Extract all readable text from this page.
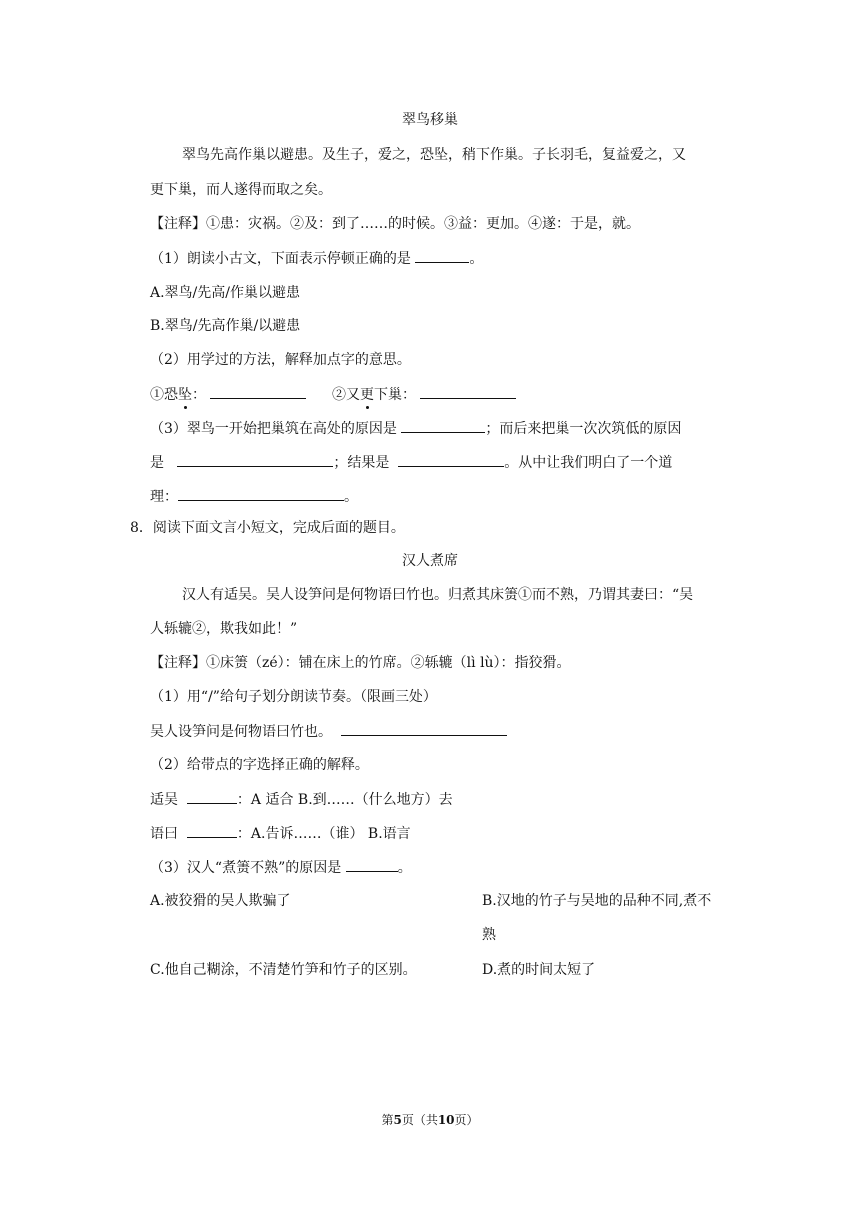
翠鸟移巢
翠鸟先高作巢以避患。及生子，爱之，恐坠，稍下作巢。子长羽毛，复益爱之，又
更下巢，而人遂得而取之矣。
【注释】①患：灾祸。②及：到了……的时候。③益：更加。④遂：于是，就。
（1）朗读小古文，下面表示停顿正确的是	。
A.翠鸟/先高/作巢以避患
B.翠鸟/先高作巢/以避患
（2）用学过的方法，解释加点字的意思。
①恐坠：	②又更下巢：
（3）翠鸟一开始把巢筑在高处的原因是	；而后来把巢一次次筑低的原因
是	；结果是	。从中让我们明白了一个道
理：	。
8．阅读下面文言小短文，完成后面的题目。
汉人煮席
汉人有适吴。吴人设笋问是何物语曰竹也。归煮其床箦①而不熟，乃谓其妻曰：“吴
人轹辘②，欺我如此！”
【注释】①床箦（zé）：铺在床上的竹席。②轹辘（lì lù）：指狡猾。
（1）用“/”给句子划分朗读节奏。（限画三处）
吴人设笋问是何物语曰竹也。
（2）给带点的字选择正确的解释。
适吴	：A 适合 B.到……（什么地方）去
语曰	：A.告诉……（谁） B.语言
（3）汉人“煮箦不熟”的原因是	。
A.被狡猾的吴人欺骗了	B.汉地的竹子与吴地的品种不同,煮不
熟
C.他自己糊涂，不清楚竹笋和竹子的区别。	D.煮的时间太短了
第5页（共10页）
